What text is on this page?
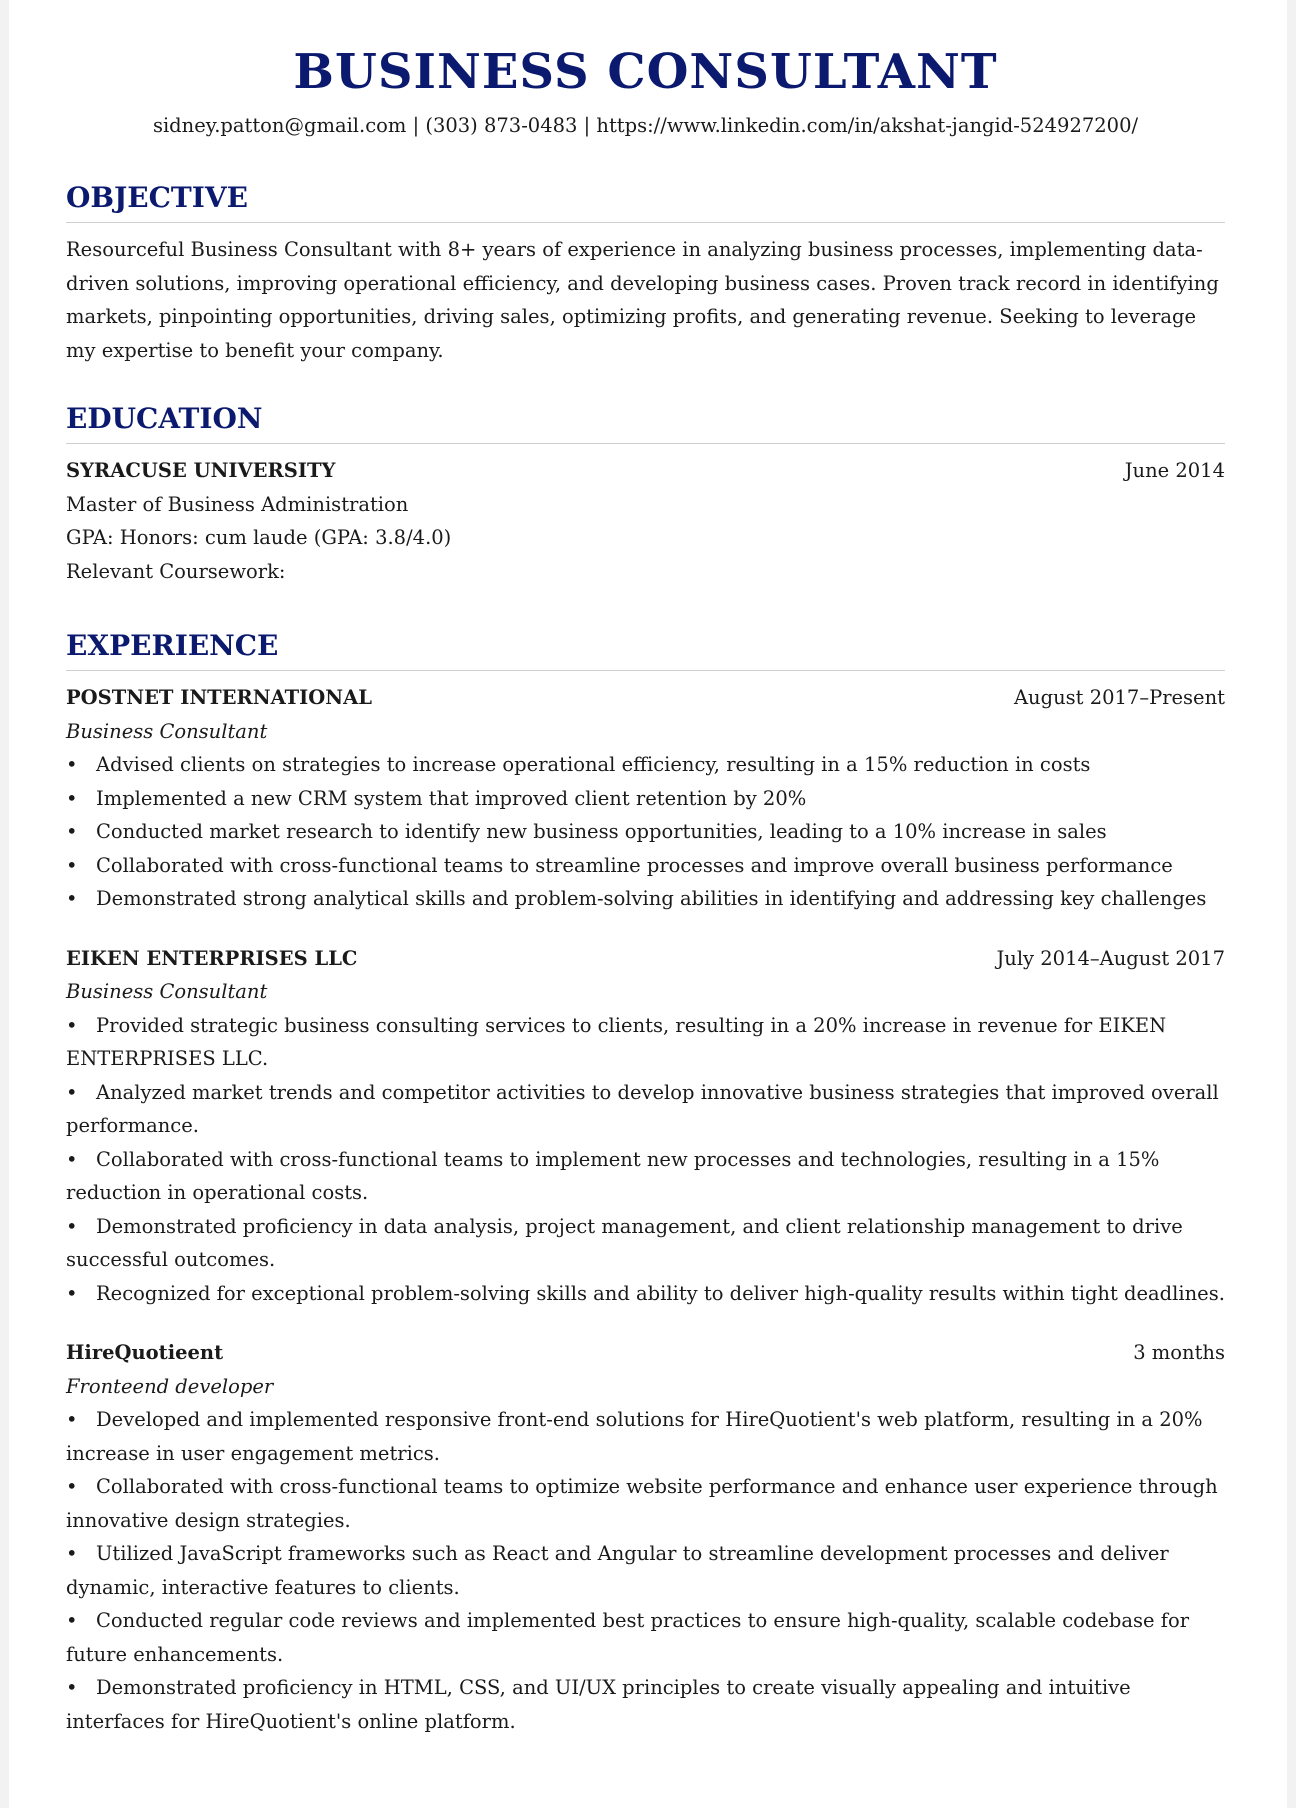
BUSINESS CONSULTANT
sidney.patton@gmail.com | (303) 873-0483 | https://www.linkedin.com/in/akshat-jangid-524927200/
OBJECTIVE
Resourceful Business Consultant with 8+ years of experience in analyzing business processes, implementing data-driven solutions, improving operational efficiency, and developing business cases. Proven track record in identifying markets, pinpointing opportunities, driving sales, optimizing profits, and generating revenue. Seeking to leverage my expertise to benefit your company.
EDUCATION
SYRACUSE UNIVERSITY	June 2014
Master of Business Administration
GPA: Honors: cum laude (GPA: 3.8/4.0)
Relevant Coursework:
EXPERIENCE
POSTNET INTERNATIONAL	August 2017–Present
Business Consultant
• Advised clients on strategies to increase operational efficiency, resulting in a 15% reduction in costs
• Implemented a new CRM system that improved client retention by 20%
• Conducted market research to identify new business opportunities, leading to a 10% increase in sales
• Collaborated with cross-functional teams to streamline processes and improve overall business performance
• Demonstrated strong analytical skills and problem-solving abilities in identifying and addressing key challenges
EIKEN ENTERPRISES LLC	July 2014–August 2017
Business Consultant
• Provided strategic business consulting services to clients, resulting in a 20% increase in revenue for EIKEN ENTERPRISES LLC.
• Analyzed market trends and competitor activities to develop innovative business strategies that improved overall performance.
• Collaborated with cross-functional teams to implement new processes and technologies, resulting in a 15% reduction in operational costs.
• Demonstrated proficiency in data analysis, project management, and client relationship management to drive successful outcomes.
• Recognized for exceptional problem-solving skills and ability to deliver high-quality results within tight deadlines.
HireQuotieent	3 months
Fronteend developer
• Developed and implemented responsive front-end solutions for HireQuotient's web platform, resulting in a 20% increase in user engagement metrics.
• Collaborated with cross-functional teams to optimize website performance and enhance user experience through innovative design strategies.
• Utilized JavaScript frameworks such as React and Angular to streamline development processes and deliver dynamic, interactive features to clients.
• Conducted regular code reviews and implemented best practices to ensure high-quality, scalable codebase for future enhancements.
• Demonstrated proficiency in HTML, CSS, and UI/UX principles to create visually appealing and intuitive interfaces for HireQuotient's online platform.
